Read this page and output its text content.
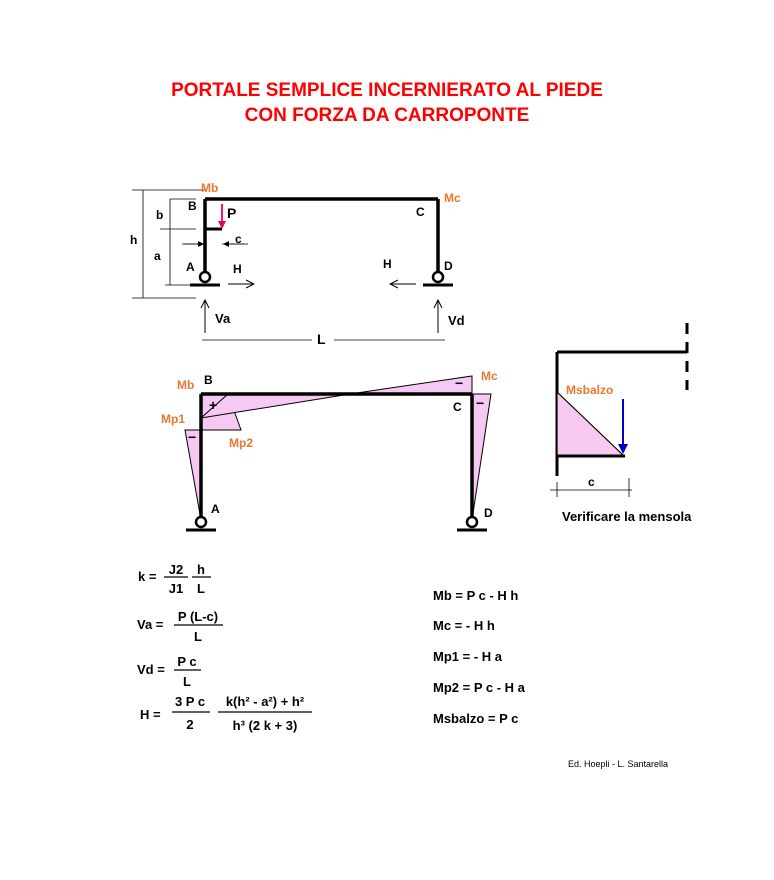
PORTALE SEMPLICE INCERNIERATO AL PIEDE
CON FORZA DA CARROPONTE
Mb
Mc
B	C
A	D
P
b
h
a
c
H	H
Va	Vd
L
Mb B	Mc
C
Mp1
Mp2
A	D
+
−
−
−
Msbalzo
c
Verificare la mensola
k = J2
J1
h
L
Va =
P (L-c)
L
Vd =
P c
L
H =
3 P c
2
k(h² - a²) + h²
h³ (2 k + 3)
Mb = P c - H h
Mc = - H h
Mp1 = - H a
Mp2 = P c - H a
Msbalzo = P c
Ed. Hoepli - L. Santarella
